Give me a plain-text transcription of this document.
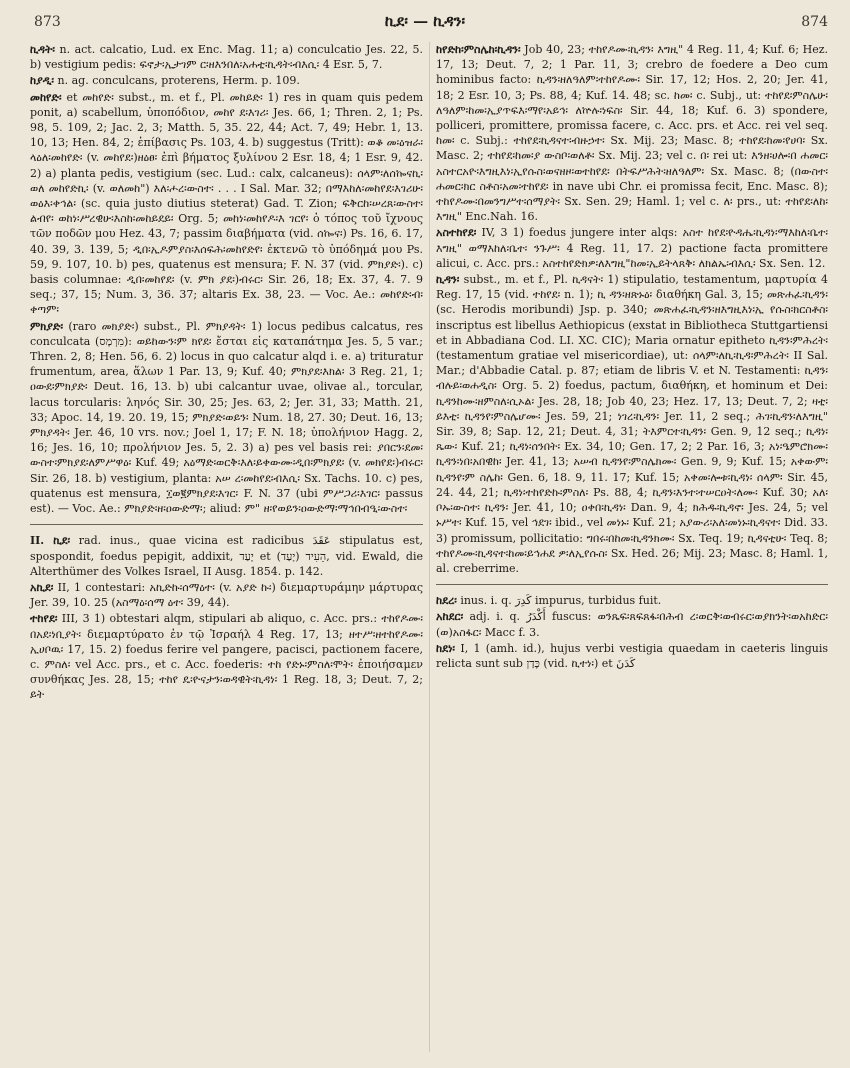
873	ኪደ፡ — ኪዳን፡	874

ኪዳት፡ n. act. calcatio, Lud. ex Enc. Mag. 11; a) conculcatio Jes. 22, 5. b) vestigium pedis: ፍኖታ፡ኢታገም ር፡ዘእንበለ፡አሐቲ፡ኪዳት፡ብእሲ፡ 4 Esr. 5, 7.

ከያዲ፡ n. ag. conculcans, proterens, Herm. p. 109.

መከየድ፡ et መከየድ፡ subst., m. et f., Pl. መከይድ፡ 1) res in quam quis pedem ponit, a) scabellum, ὑποπόδιον, መከየ ደ፡እገሪ፡ Jes. 66, 1; Thren. 2, 1; Ps. 98, 5. 109, 2; Jac. 2, 3; Matth. 5, 35. 22, 44; Act. 7, 49; Hebr. 1, 13. 10, 13; Hen. 84, 2; ἐπίβασις Ps. 103, 4. b) suggestus (Tritt): ወቆ መ፡ዕዝራ፡ላዕለ፡መከየድ፡ (v. መከየደ፡)ዘዕፀ፡ ἐπὶ βήματος ξυλίνου 2 Esr. 18, 4; 1 Esr. 9, 42. 2) a) planta pedis, vestigium (sec. Lud.: calx, calcaneus): ሰላም፡ለሰኰናኪ፡ወለ መከየድኪ፡ (v. ወለመከ") እለ፡ሖረ፡ውስተ፡ . . . I Sal. Mar. 32; በማእከለ፡መከየደ፡እገሪሁ፡ወዕእ፡ቀኅል፡ (sc. quia justo diutius steterat) Gad. T. Zion; ፍቅርከ፡ሠረጸ፡ውስተ፡ልብየ፡ ወከነ፡ሥረዊሁ፡እስከ፡መከይደይ፡ Org. 5; መከነ፡መከየዶ፡እ ገርየ፡ ὁ τόπος τοῦ ἴχνους τῶν ποδῶν μου Hez. 43, 7; passim διαβήματα (vid. ሰኰና፡) Ps. 16, 6. 17, 40. 39, 3. 139, 5; ዲበ፡ኢዶምያስ፡እሰፍሕ፡መከየድየ፡ ἐκτενῶ τὸ ὑπόδημά μου Ps. 59, 9. 107, 10. b) pes, quatenus est mensura; F. N. 37 (vid. ምክያድ፡). c) basis columnae: ዲበ፡መከየደ፡ (v. ምክ ያደ፡)ብሩር፡ Sir. 26, 18; Ex. 37, 4. 7. 9 seq.; 37, 15; Num. 3, 36. 37; altaris Ex. 38, 23. — Voc. Ae.: መከየድ፡ብ፡ቀጣም፡

ምክያድ፡ (raro መክያድ፡) subst., Pl. ምክያዳት፡ 1) locus pedibus calcatus, res conculcata (מִרְמָס): ወይከውን፡ም ክየደ፡ ἔσται εἰς καταπάτημα Jes. 5, 5 var.; Thren. 2, 8; Hen. 56, 6. 2) locus in quo calcatur alqd i. e. a) trituratur frumentum, area, ἅλων 1 Par. 13, 9; Kuf. 40; ምክያደ፡እክል፡ 3 Reg. 21, 1; ዐውደ፡ምክያድ፡ Deut. 16, 13. b) ubi calcantur uvae, olivae al., torcular, lacus torcularis: ληνός Sir. 30, 25; Jes. 63, 2; Jer. 31, 33; Matth. 21, 33; Apoc. 14, 19. 20. 19, 15; ምክያድ፡ወይን፡ Num. 18, 27. 30; Deut. 16, 13; ምክያዳት፡ Jer. 46, 10 vrs. nov.; Joel 1, 17; F. N. 18; ὑπολήνιον Hagg. 2, 16; Jes. 16, 10; προλήνιον Jes. 5, 2. 3) a) pes vel basis rei: ያበርን፡ደመ፡ውስተ፡ምክያደ፡ለምሥዋዕ፡ Kuf. 49; አዕማድ፡ወርቅ፡እለ፡ይቀውሙ፡ዲበ፡ምክያደ፡ (v. መክየደ፡)ብሩር፡ Sir. 26, 18. b) vestigium, planta: አሠ ረ፡መከየደ፡ብእሲ፡ Sx. Tachs. 10. c) pes, quatenus est mensura, ፲ወ፪ምክያደ፡እገር፡ F. N. 37 (ubi ምሥጋሪ፡እገር፡ passus est). — Voc. Ae.: ምክያድ፡ዘ፡ዐውድማ፡; aliud: ም" ዘ፡የወይን፡ዐውድማ፡ማኅበብዒ፡ውስተ፡

II. ኪደ፡ rad. inus., quae vicina est radicibus عَقَدَ stipulatus est, spospondit, foedus pepigit, addixit, יָעַד et (יָעַד) הֵעִיד, vid. Ewald, die Alterthümer des Volkes Israel, II Ausg. 1854. p. 142.

አኪደ፡ II, 1 contestari: አኪድኩ፡ሰማዕተ፡ (v. አያድ ኩ፡) διεμαρτυράμην μάρτυρας Jer. 39, 10. 25 (አስማዕ፡ሰማ ዕተ፡ 39, 44).

ተከየደ፡ III, 3 1) obtestari alqm, stipulari ab aliquo, c. Acc. prs.: ተከየዶሙ፡በአደ፡ነቢያት፡ διεμαρτύρατο ἐν τῷ Ἰσραήλ 4 Reg. 17, 13; ዘተሥ፡ዘተከየዶሙ፡ኢሀቦዉ፡ 17, 15. 2) foedus ferire vel pangere, pacisci, pactionem facere, c. ምስለ፡ vel Acc. prs., et c. Acc. foederis: ተከ የድኑ፡ምስለ፡ሞት፡ ἐποιήσαμεν συνθήκας Jes. 28, 15; ተከየ ዴ፡ዮናታን፡ወዳዊት፡ኪዳነ፡ 1 Reg. 18, 3; Deut. 7, 2; ይት

ከየድከ፡ምስሌከ፡ኪዳን፡ Job 40, 23; ተከየዶሙ፡ኪዳን፡ እግዚ" 4 Reg. 11, 4; Kuf. 6; Hez. 17, 13; Deut. 7, 2; 1 Par. 11, 3; crebro de foedere a Deo cum hominibus facto: ኪዳን፡ዘለዓለም፡ተከየዶሙ፡ Sir. 17, 12; Hos. 2, 20; Jer. 41, 18; 2 Esr. 10, 3; Ps. 88, 4; Kuf. 14. 48; sc. ከመ፡ c. Subj., ut: ተከየደ፡ምስሌሁ፡ለዓለም፡ከመ፡ኢያጥፍእ፡ማየ፡አይኅ፡ ለኵሉ፡ነፍስ፡ Sir. 44, 18; Kuf. 6. 3) spondere, polliceri, promittere, promissa facere, c. Acc. prs. et Acc. rei vel seq. ከመ፡ c. Subj.: ተከየደ፡ኪዳናተ፡ብዙኃተ፡ Sx. Mij. 23; Masc. 8; ተከየደ፡ከመ፡የሀባ፡ Sx. Masc. 2; ተከየደ፡ከመ፡ያ ውስቦ፡ወለቶ፡ Sx. Mij. 23; vel c. በ፡ rei ut: እንዘ፡ሀሎ፡በ ሐመር፡አስተርአዮ፡እግዚእነ፡ኢየሱስ፡ወናዘዞ፡ወተከየደ፡ በትፍሥሕት፡ዘለዓለም፡ Sx. Masc. 8; (በውስተ፡ሐመር፡ክር ስቶስ፡አመ፡ተከየደ፡ in nave ubi Chr. ei promissa fecit, Enc. Masc. 8); ተከየዶሙ፡በመንግሥተ፡ሰማያት፡ Sx. Sen. 29; Haml. 1; vel c. ለ፡ prs., ut: ተከየደ፡ለከ፡እግዚ" Enc.Nah. 16.

አስተከየደ፡ IV, 3 1) foedus jungere inter alqs: አስተ ከየደ፡ዮዳሔ፡ኪዳነ፡ማእከለ፡ቤተ፡እግዚ" ወማእከለ፡ቤተ፡ ንጉሥ፡ 4 Reg. 11, 17. 2) pactione facta promittere alicui, c. Acc. prs.: አስተከየድክዎ፡ለእግዚ"ከመ፡ኢይትላጸቅ፡ ለክልኤ፡ብእሲ፡ Sx. Sen. 12.

ኪዳን፡ subst., m. et f., Pl. ኪዳናት፡ 1) stipulatio, testamentum, μαρτυρία 4 Reg. 17, 15 (vid. ተከየደ፡ n. 1); ኪ ዳን፡ዘጽኑዕ፡ διαθήκη Gal. 3, 15; መጽሐፈ፡ኪዳን፡ (sc. Herodis moribundi) Jsp. p. 340; መጽሐፈ፡ኪዳን፡ዘእግዚእነ፡ኢ የሱስ፡ክርስቶስ፡ inscriptus est libellus Aethiopicus (exstat in Bibliotheca Stuttgartiensi et in Abbadiana Cod. LI. XC. CIC); Maria ornatur epitheto ኪዳን፡ምሕረት፡ (testamentum gratiae vel misericordiae), ut: ሰላም፡ለኪ፡ኪዳ፡ምሕረት፡ II Sal. Mar.; d'Abbadie Catal. p. 87; etiam de libris V. et N. Testamenti: ኪዳን፡ብሉይ፡ወሐዲስ፡ Org. 5. 2) foedus, pactum, διαθήκη, et hominum et Dei: ኪዳንከሙ፡ዘምስለ፡ሲኦል፡ Jes. 28, 18; Job 40, 23; Hez. 17, 13; Deut. 7, 2; ዛቲ፡ይእቲ፡ ኪዳንየ፡ምስሌሆሙ፡ Jes. 59, 21; ነገረ፡ኪዳን፡ Jer. 11, 2 seq.; ሕገ፡ኪዳን፡ለእግዚ" Sir. 39, 8; Sap. 12, 21; Deut. 4, 31; ትእምርተ፡ኪዳን፡ Gen. 9, 12 seq.; ኪዳነ፡ጼው፡ Kuf. 21; ኪዳነ፡ሰንበት፡ Ex. 34, 10; Gen. 17, 2; 2 Par. 16, 3; አነ፡ዔምሮክሙ፡ኪዳን፡ነበ፡አበዊከ፡ Jer. 41, 13; አሠብ ኪዳንየ፡ምስሌክሙ፡ Gen. 9, 9; Kuf. 15; አቀውም፡ኪዳንየ፡ም ስሌከ፡ Gen. 6, 18. 9, 11. 17; Kuf. 15; አቀመ፡ሎቱ፡ኪዳነ፡ ሰላም፡ Sir. 45, 24. 44, 21; ኪዳነ፡ተከየድኩ፡ምስለ፡ Ps. 88, 4; ኪዳን፡እንተ፡ተሠርዐት፡ለሙ፡ Kuf. 30; አለ፡ቦኡ፡ውስተ፡ ኪዳን፡ Jer. 41, 10; ዐቀበ፡ኪዳነ፡ Dan. 9, 4; ክሕዱ፡ኪዳኖ፡ Jes. 24, 5; vel ኑሥተ፡ Kuf. 15, vel ኅደገ፡ ibid., vel መነኑ፡ Kuf. 21; አያውሪ፡አለ፡መነኑ፡ኪዳናተ፡ Did. 33. 3) promissum, pollicitatio: ግበሩ፡በከመ፡ኪዳንክሙ፡ Sx. Teq. 19; ኪዳናቲሁ፡ Teq. 8; ተከየዶሙ፡ኪዳናተ፡ከመ፡ይኅሐደ ዎ፡ለኢየሱስ፡ Sx. Hed. 26; Mij. 23; Masc. 8; Haml. 1, al. creberrime.

ከደረ፡ inus. i. q. كَدِرَ impurus, turbidus fuit.

አከደር፡ adj. i. q. أَكْدَرُ fuscus: ወንጼፍ፡ጸፍጸፋ፡በሕብ ረ፡ወርቅ፡ወብሩር፡ወያክንት፡ወአከድር፡(ወ)አስፋር፡ Macc f. 3.

ከደነ፡ I, 1 (amh. id.), hujus verbi vestigia quaedam in caeteris linguis relicta sunt sub כָּדַן (vid. ኪተነ፡) et كَدَنَ
